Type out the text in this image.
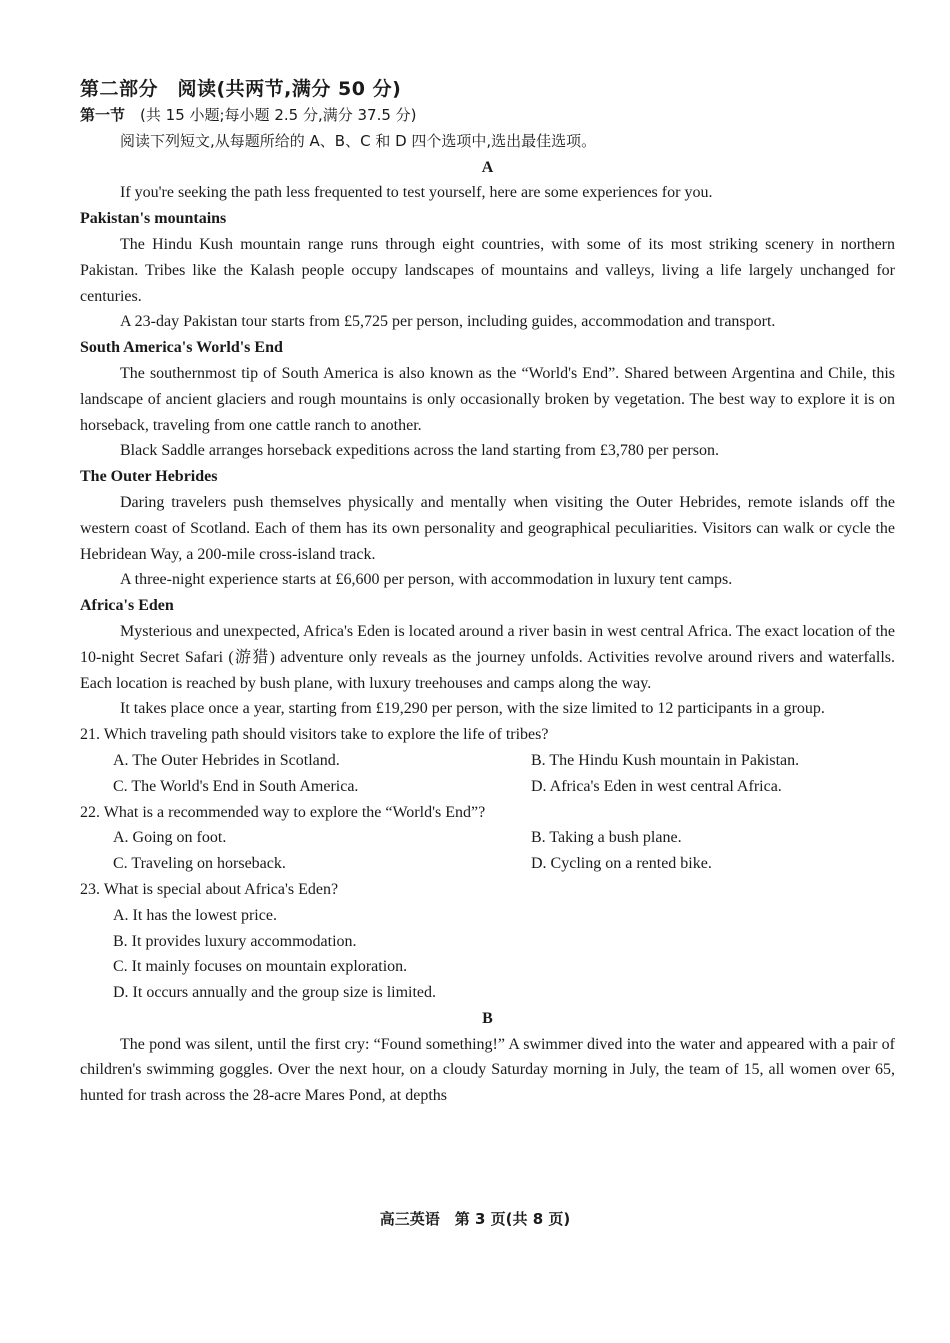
第二部分　阅读(共两节,满分 50 分)
第一节　 (共 15 小题;每小题 2.5 分,满分 37.5 分)
阅读下列短文,从每题所给的 A、B、C 和 D 四个选项中,选出最佳选项。
A
If you're seeking the path less frequented to test yourself, here are some experiences for you.
Pakistan's mountains
The Hindu Kush mountain range runs through eight countries, with some of its most striking scenery in northern Pakistan. Tribes like the Kalash people occupy landscapes of mountains and valleys, living a life largely unchanged for centuries.
A 23-day Pakistan tour starts from £5,725 per person, including guides, accommodation and transport.
South America's World's End
The southernmost tip of South America is also known as the “World's End”. Shared between Argentina and Chile, this landscape of ancient glaciers and rough mountains is only occasionally broken by vegetation. The best way to explore it is on horseback, traveling from one cattle ranch to another.
Black Saddle arranges horseback expeditions across the land starting from £3,780 per person.
The Outer Hebrides
Daring travelers push themselves physically and mentally when visiting the Outer Hebrides, remote islands off the western coast of Scotland. Each of them has its own personality and geographical peculiarities. Visitors can walk or cycle the Hebridean Way, a 200-mile cross-island track.
A three-night experience starts at £6,600 per person, with accommodation in luxury tent camps.
Africa's Eden
Mysterious and unexpected, Africa's Eden is located around a river basin in west central Africa. The exact location of the 10-night Secret Safari (游猎) adventure only reveals as the journey unfolds. Activities revolve around rivers and waterfalls. Each location is reached by bush plane, with luxury treehouses and camps along the way.
It takes place once a year, starting from £19,290 per person, with the size limited to 12 participants in a group.
21. Which traveling path should visitors take to explore the life of tribes?
A. The Outer Hebrides in Scotland.	B. The Hindu Kush mountain in Pakistan.
C. The World's End in South America.	D. Africa's Eden in west central Africa.
22. What is a recommended way to explore the “World's End”?
A. Going on foot.	B. Taking a bush plane.
C. Traveling on horseback.	D. Cycling on a rented bike.
23. What is special about Africa's Eden?
A. It has the lowest price.
B. It provides luxury accommodation.
C. It mainly focuses on mountain exploration.
D. It occurs annually and the group size is limited.
B
The pond was silent, until the first cry: “Found something!” A swimmer dived into the water and appeared with a pair of children's swimming goggles. Over the next hour, on a cloudy Saturday morning in July, the team of 15, all women over 65, hunted for trash across the 28-acre Mares Pond, at depths
高三英语　第 3 页(共 8 页)
